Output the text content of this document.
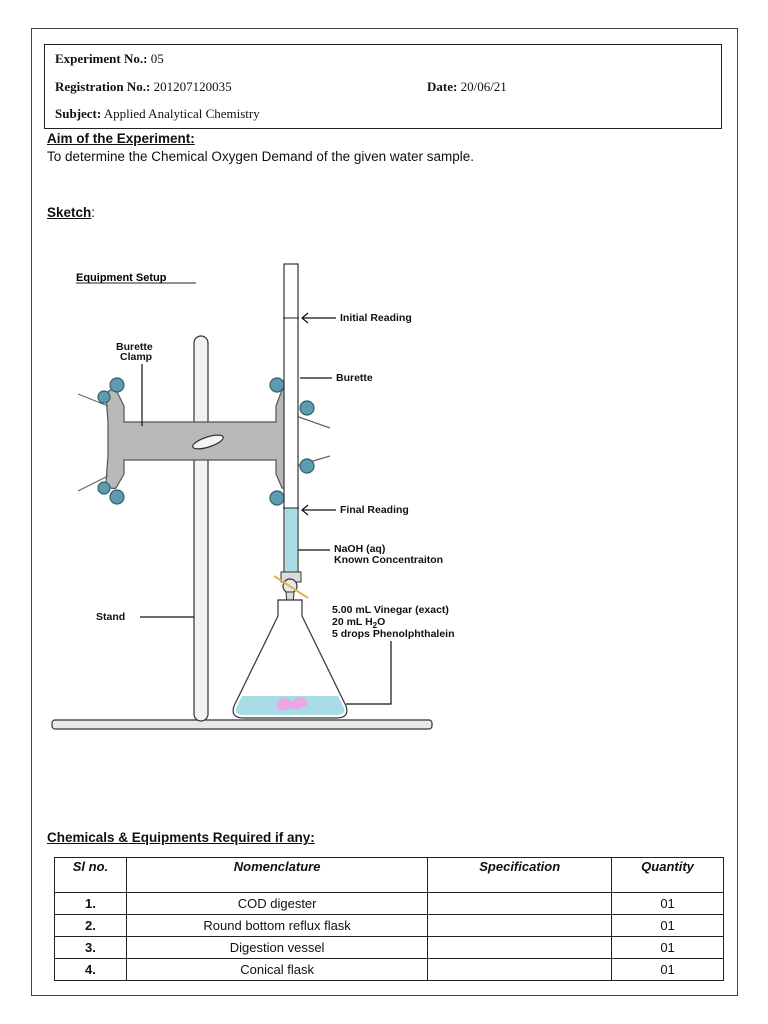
Experiment No.: 05
Registration No.: 201207120035	Date: 20/06/21
Subject: Applied Analytical Chemistry
Aim of the Experiment:
To determine the Chemical Oxygen Demand of the given water sample.
Sketch:
Equipment Setup
Burette
Clamp
Initial Reading
Burette
Final Reading
NaOH (aq)
Known Concentraiton
Stand
5.00 mL Vinegar (exact)
20 mL $H_2O$
5 drops Phenolphthalein
Chemicals & Equipments Required if any:
Sl no.	Nomenclature	Specification	Quantity
1.	COD digester		01
2.	Round bottom reflux flask		01
3.	Digestion vessel		01
4.	Conical flask		01
